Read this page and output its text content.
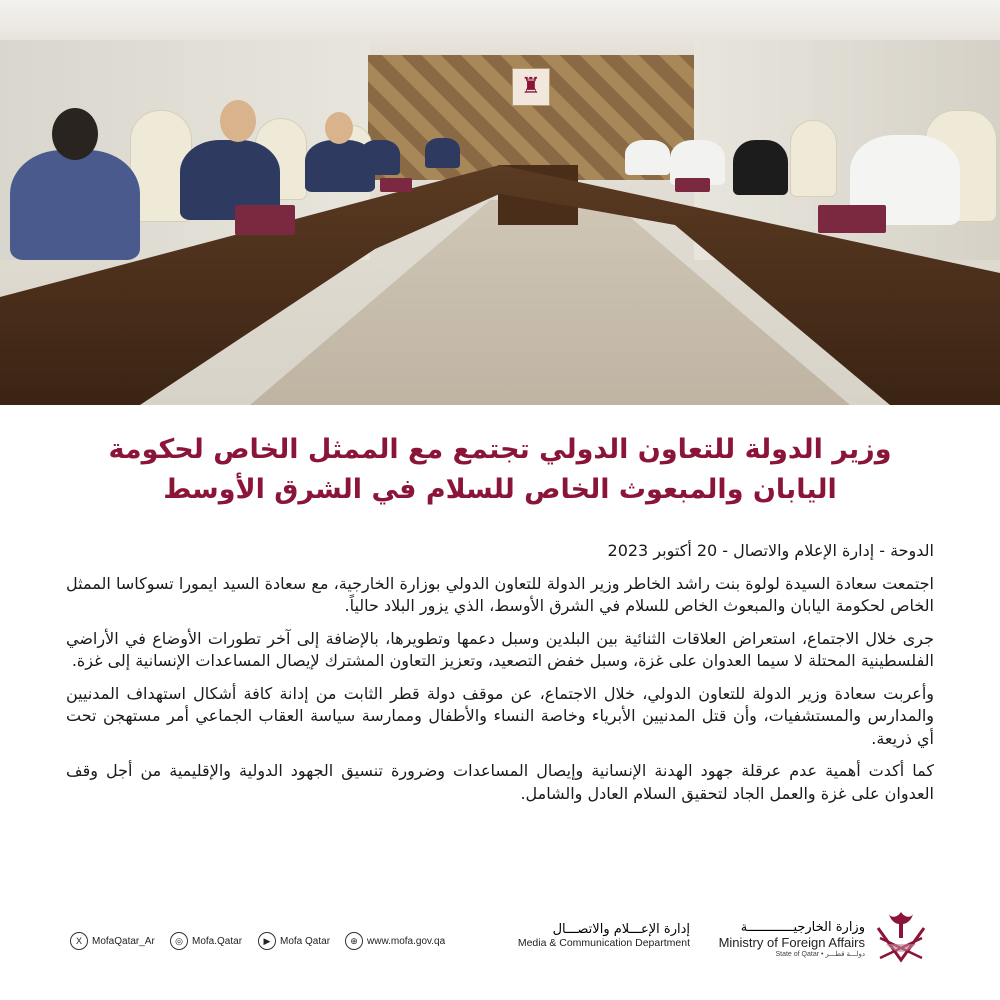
♜
وزير الدولة للتعاون الدولي تجتمع مع الممثل الخاص لحكومة
اليابان والمبعوث الخاص للسلام في الشرق الأوسط

الدوحة - إدارة الإعلام والاتصال - 20 أكتوبر 2023

اجتمعت سعادة السيدة لولوة بنت راشد الخاطر وزير الدولة للتعاون الدولي بوزارة الخارجية، مع سعادة السيد ايمورا تسوكاسا الممثل الخاص لحكومة اليابان والمبعوث الخاص للسلام في الشرق الأوسط، الذي يزور البلاد حالياً.

جرى خلال الاجتماع، استعراض العلاقات الثنائية بين البلدين وسبل دعمها وتطويرها، بالإضافة إلى آخر تطورات الأوضاع في الأراضي الفلسطينية المحتلة لا سيما العدوان على غزة، وسبل خفض التصعيد، وتعزيز التعاون المشترك لإيصال المساعدات الإنسانية إلى غزة.

وأعربت سعادة وزير الدولة للتعاون الدولي، خلال الاجتماع، عن موقف دولة قطر الثابت من إدانة كافة أشكال استهداف المدنيين والمدارس والمستشفيات، وأن قتل المدنيين الأبرياء وخاصة النساء والأطفال وممارسة سياسة العقاب الجماعي أمر مستهجن تحت أي ذريعة.

كما أكدت أهمية عدم عرقلة جهود الهدنة الإنسانية وإيصال المساعدات وضرورة تنسيق الجهود الدولية والإقليمية من أجل وقف العدوان على غزة والعمل الجاد لتحقيق السلام العادل والشامل.

X	MofaQatar_Ar	◎ Mofa.Qatar	▶ Mofa Qatar	⊕ www.mofa.gov.qa
إدارة الإعـــلام والاتصـــال
Media & Communication Department
وزارة الخارجيــــــــــــة
Ministry of Foreign Affairs
State of Qatar • دولـــة قطـــر
